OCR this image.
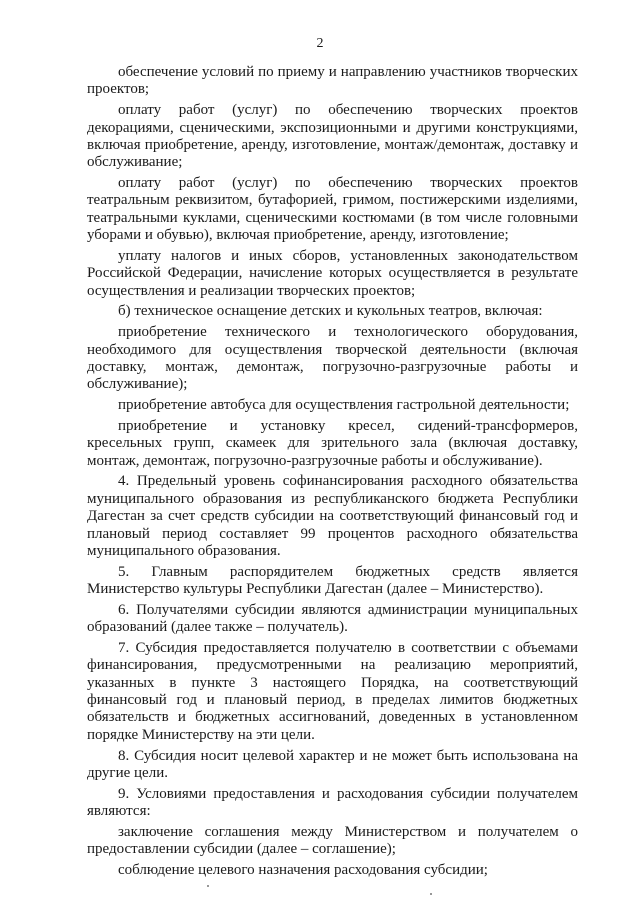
2

обеспечение условий по приему и направлению участников творческих проектов;

оплату работ (услуг) по обеспечению творческих проектов декорациями, сценическими, экспозиционными и другими конструкциями, включая приобретение, аренду, изготовление, монтаж/демонтаж, доставку и обслуживание;

оплату работ (услуг) по обеспечению творческих проектов театральным реквизитом, бутафорией, гримом, постижерскими изделиями, театральными куклами, сценическими костюмами (в том числе головными уборами и обувью), включая приобретение, аренду, изготовление;

уплату налогов и иных сборов, установленных законодательством Российской Федерации, начисление которых осуществляется в результате осуществления и реализации творческих проектов;

б) техническое оснащение детских и кукольных театров, включая:

приобретение технического и технологического оборудования, необходимого для осуществления творческой деятельности (включая доставку, монтаж, демонтаж, погрузочно-разгрузочные работы и обслуживание);

приобретение автобуса для осуществления гастрольной деятельности;

приобретение и установку кресел, сидений-трансформеров, кресельных групп, скамеек для зрительного зала (включая доставку, монтаж, демонтаж, погрузочно-разгрузочные работы и обслуживание).

4. Предельный уровень софинансирования расходного обязательства муниципального образования из республиканского бюджета Республики Дагестан за счет средств субсидии на соответствующий финансовый год и плановый период составляет 99 процентов расходного обязательства муниципального образования.

5. Главным распорядителем бюджетных средств является Министерство культуры Республики Дагестан (далее – Министерство).

6. Получателями субсидии являются администрации муниципальных образований (далее также – получатель).

7. Субсидия предоставляется получателю в соответствии с объемами финансирования, предусмотренными на реализацию мероприятий, указанных в пункте 3 настоящего Порядка, на соответствующий финансовый год и плановый период, в пределах лимитов бюджетных обязательств и бюджетных ассигнований, доведенных в установленном порядке Министерству на эти цели.

8. Субсидия носит целевой характер и не может быть использована на другие цели.

9. Условиями предоставления и расходования субсидии получателем являются:

заключение соглашения между Министерством и получателем о предоставлении субсидии (далее – соглашение);

соблюдение целевого назначения расходования субсидии;
